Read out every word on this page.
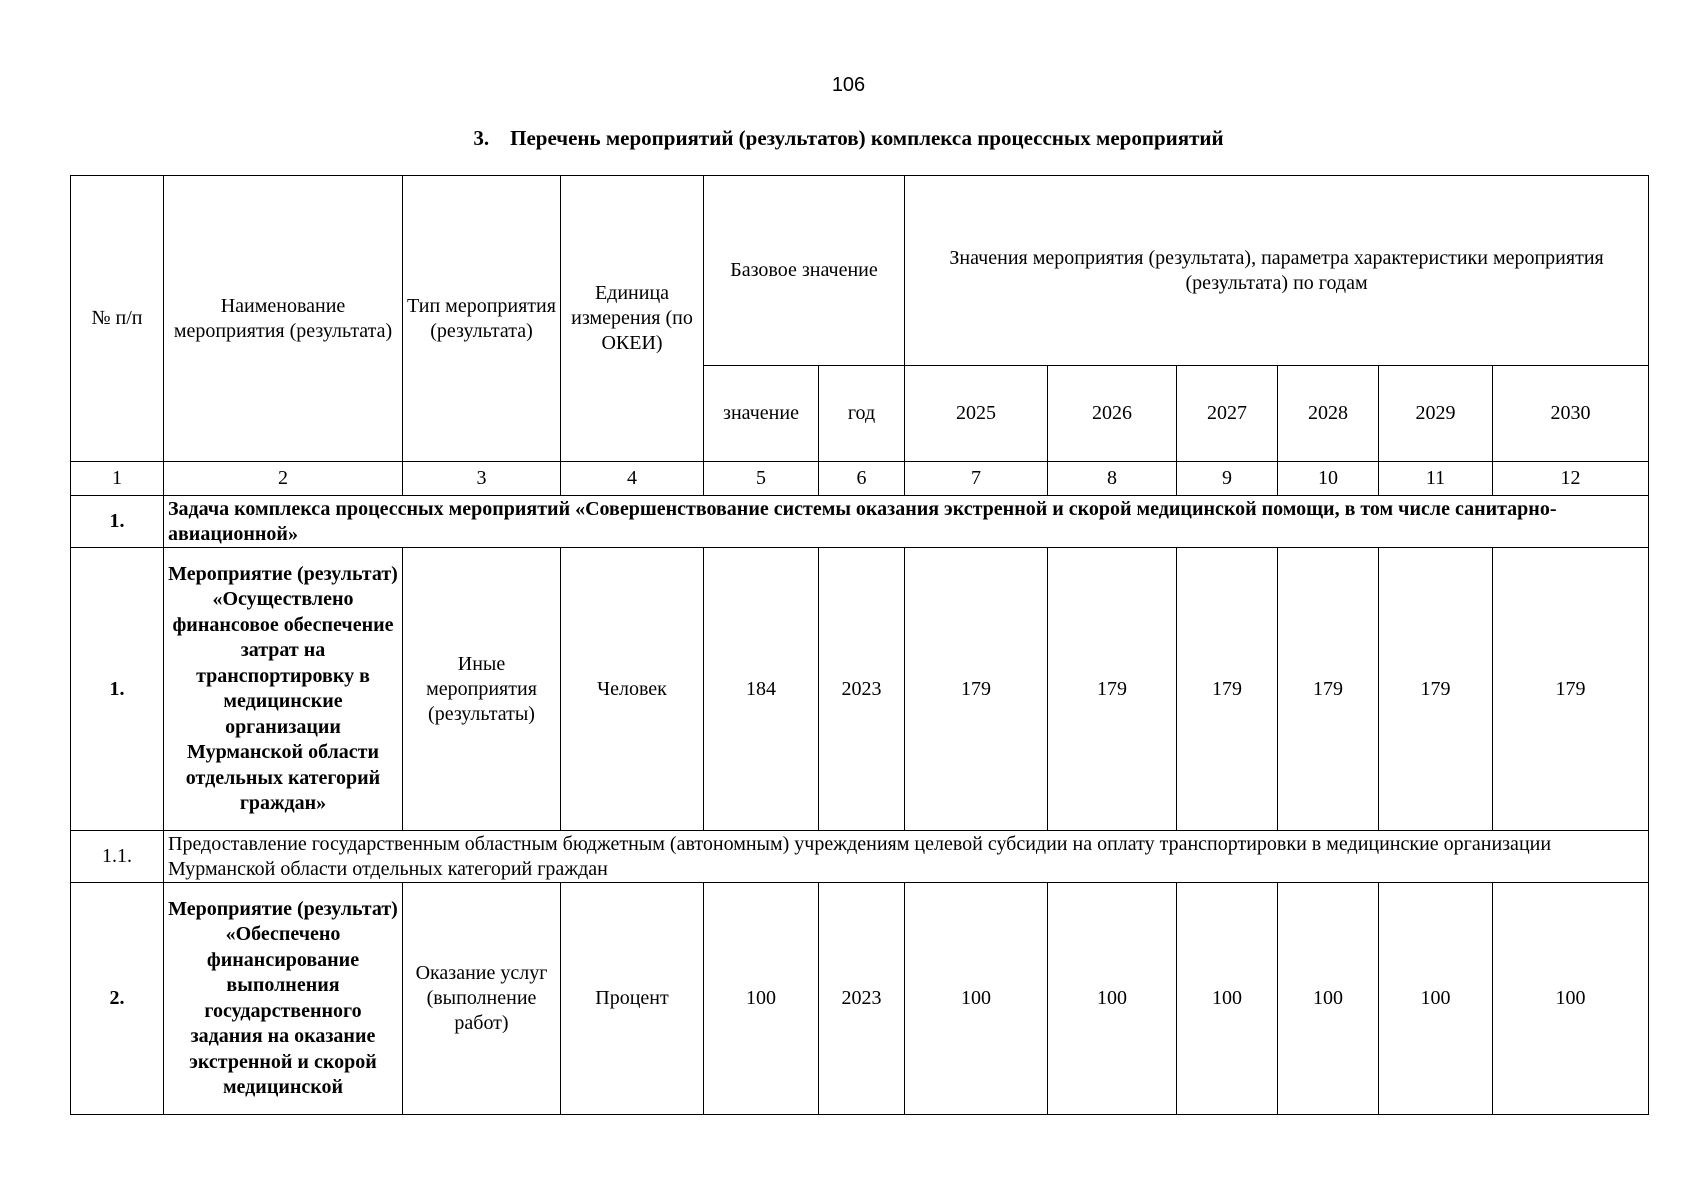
106
3. Перечень мероприятий (результатов) комплекса процессных мероприятий
№ п/п	Наименование мероприятия (результата)	Тип мероприятия (результата)	Единица измерения (по ОКЕИ)	Базовое значение		Значения мероприятия (результата), параметра характеристики мероприятия (результата) по годам					
				значение	год	2025	2026	2027	2028	2029	2030
1	2	3	4	5	6	7	8	9	10	11	12
1.	Задача комплекса процессных мероприятий «Совершенствование системы оказания экстренной и скорой медицинской помощи, в том числе санитарно-авиационной»										
1.	Мероприятие (результат) «Осуществлено финансовое обеспечение затрат на транспортировку в медицинские организации Мурманской области отдельных категорий граждан»	Иные мероприятия (результаты)	Человек	184	2023	179	179	179	179	179	179
1.1.	Предоставление государственным областным бюджетным (автономным) учреждениям целевой субсидии на оплату транспортировки в медицинские организации Мурманской области отдельных категорий граждан										
2.	Мероприятие (результат) «Обеспечено финансирование выполнения государственного задания на оказание экстренной и скорой медицинской	Оказание услуг (выполнение работ)	Процент	100	2023	100	100	100	100	100	100
